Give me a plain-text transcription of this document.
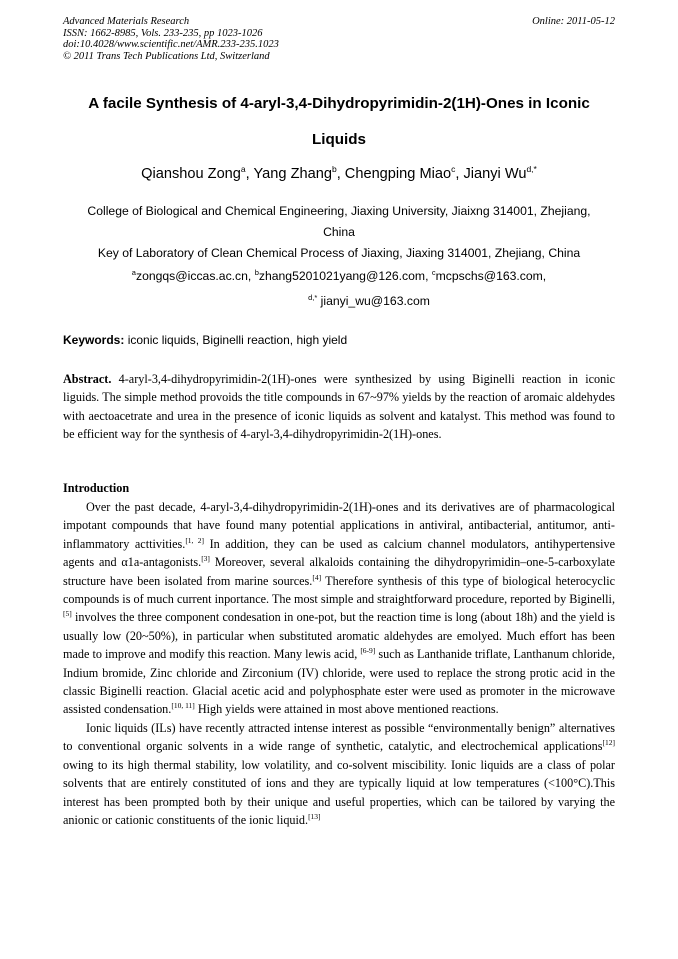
Advanced Materials Research
ISSN: 1662-8985, Vols. 233-235, pp 1023-1026
doi:10.4028/www.scientific.net/AMR.233-235.1023
© 2011 Trans Tech Publications Ltd, Switzerland
Online: 2011-05-12
A facile Synthesis of 4-aryl-3,4-Dihydropyrimidin-2(1H)-Ones in Iconic
Liquids
Qianshou Zong$^a$, Yang Zhang$^b$, Chengping Miao$^c$, Jianyi $Wu^{d,*}$
College of Biological and Chemical Engineering, Jiaxing University, Jiaixng 314001, Zhejiang,
China
Key of Laboratory of Clean Chemical Process of Jiaxing, Jiaxing 314001, Zhejiang, China
$^a$zongqs@iccas.ac.cn, $^b$zhang5201021yang@126.com, $^c$mcpschs@163.com,
$^{d,*}$ jianyi_wu@163.com
Keywords: iconic liquids, Biginelli reaction, high yield
Abstract. 4-aryl-3,4-dihydropyrimidin-2(1H)-ones were synthesized by using Biginelli reaction in iconic liguids. The simple method provoids the title compounds in 67~97% yields by the reaction of aromaic aldehydes with aectoacetrate and urea in the presence of iconic liquids as solvent and katalyst. This method was found to be efficient way for the synthesis of 4-aryl-3,4-dihydropyrimidin-2(1H)-ones.
Introduction

Over the past decade, 4-aryl-3,4-dihydropyrimidin-2(1H)-ones and its derivatives are of pharmacological impotant compounds that have found many potential applications in antiviral, antibacterial, antitumor, anti-inflammatory acttivities.[1, 2] In addition, they can be used as calcium channel modulators, antihypertensive agents and α1a-antagonists.[3] Moreover, several alkaloids containing the dihydropyrimidin–one-5-carboxylate structure have been isolated from marine sources.[4] Therefore synthesis of this type of biological heterocyclic compounds is of much current inportance. The most simple and straightforward procedure, reported by Biginelli, [5] involves the three component condesation in one-pot, but the reaction time is long (about 18h) and the yield is usually low (20~50%), in particular when substituted aromatic aldehydes are emolyed. Much effort has been made to improve and modify this reaction. Many lewis acid, [6-9] such as Lanthanide triflate, Lanthanum chloride, Indium bromide, Zinc chloride and Zirconium (IV) chloride, were used to replace the strong protic acid in the classic Biginelli reaction. Glacial acetic acid and polyphosphate ester were used as promoter in the microwave assisted condensation.[10, 11] High yields were attained in most above mentioned reactions.

Ionic liquids (ILs) have recently attracted intense interest as possible “environmentally benign” alternatives to conventional organic solvents in a wide range of synthetic, catalytic, and electrochemical applications[12] owing to its high thermal stability, low volatility, and co-solvent miscibility. Ionic liquids are a class of polar solvents that are entirely constituted of ions and they are typically liquid at low temperatures (<100°C).This interest has been prompted both by their unique and useful properties, which can be tailored by varying the anionic or cationic constituents of the ionic liquid.[13]
